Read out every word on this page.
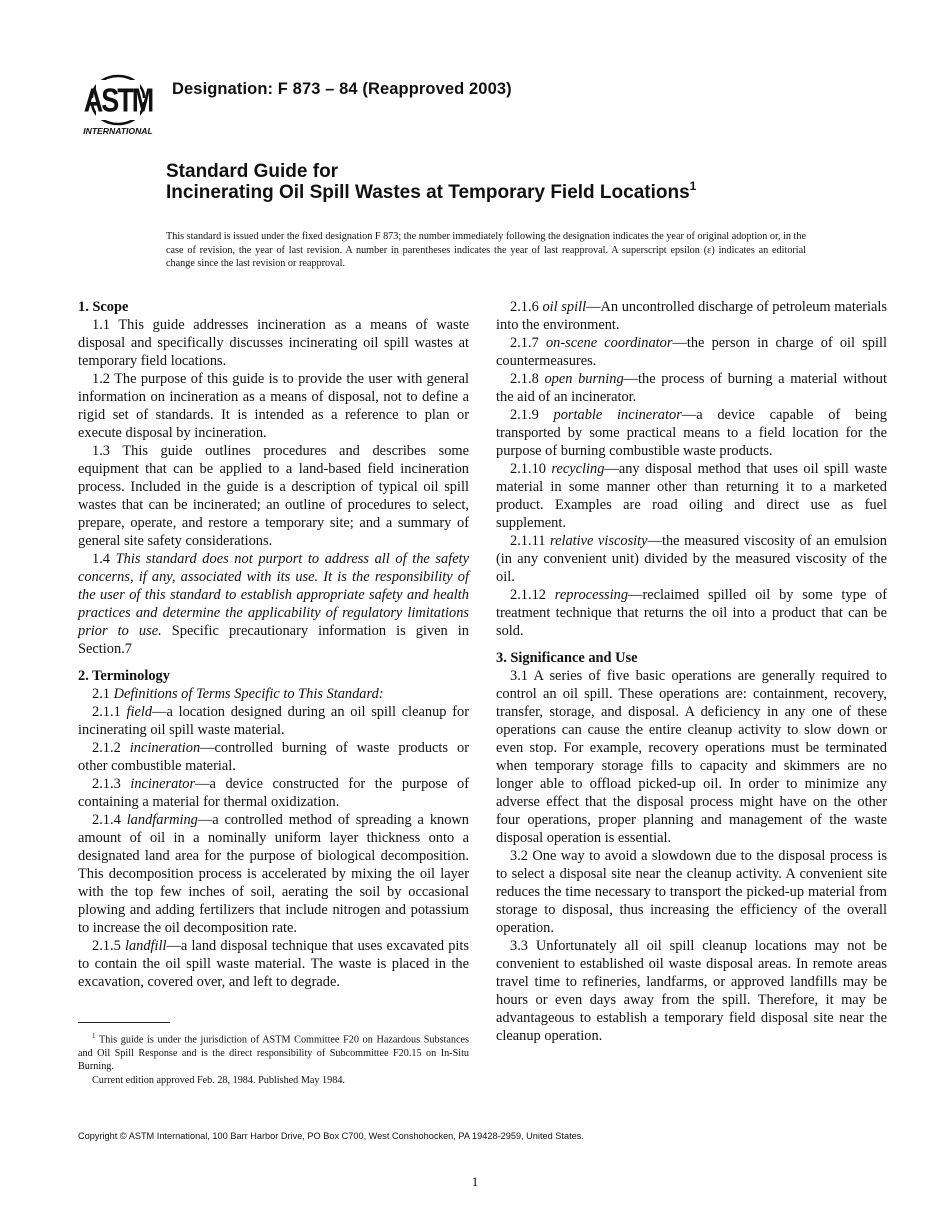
ASTM
INTERNATIONAL
Designation: F 873 – 84 (Reapproved 2003)
Standard Guide for
Incinerating Oil Spill Wastes at Temporary Field Locations$^1$
This standard is issued under the fixed designation F 873; the number immediately following the designation indicates the year of original adoption or, in the case of revision, the year of last revision. A number in parentheses indicates the year of last reapproval. A superscript epsilon (ε) indicates an editorial change since the last revision or reapproval.
1. Scope

1.1 This guide addresses incineration as a means of waste disposal and specifically discusses incinerating oil spill wastes at temporary field locations.

1.2 The purpose of this guide is to provide the user with general information on incineration as a means of disposal, not to define a rigid set of standards. It is intended as a reference to plan or execute disposal by incineration.

1.3 This guide outlines procedures and describes some equipment that can be applied to a land-based field incineration process. Included in the guide is a description of typical oil spill wastes that can be incinerated; an outline of procedures to select, prepare, operate, and restore a temporary site; and a summary of general site safety considerations.

1.4 This standard does not purport to address all of the safety concerns, if any, associated with its use. It is the responsibility of the user of this standard to establish appropriate safety and health practices and determine the applicability of regulatory limitations prior to use. Specific precautionary information is given in Section.7

2. Terminology

2.1 Definitions of Terms Specific to This Standard:

2.1.1 field—a location designed during an oil spill cleanup for incinerating oil spill waste material.

2.1.2 incineration—controlled burning of waste products or other combustible material.

2.1.3 incinerator—a device constructed for the purpose of containing a material for thermal oxidization.

2.1.4 landfarming—a controlled method of spreading a known amount of oil in a nominally uniform layer thickness onto a designated land area for the purpose of biological decomposition. This decomposition process is accelerated by mixing the oil layer with the top few inches of soil, aerating the soil by occasional plowing and adding fertilizers that include nitrogen and potassium to increase the oil decomposition rate.

2.1.5 landfill—a land disposal technique that uses excavated pits to contain the oil spill waste material. The waste is placed in the excavation, covered over, and left to degrade.

2.1.6 oil spill—An uncontrolled discharge of petroleum materials into the environment.

2.1.7 on-scene coordinator—the person in charge of oil spill countermeasures.

2.1.8 open burning—the process of burning a material without the aid of an incinerator.

2.1.9 portable incinerator—a device capable of being transported by some practical means to a field location for the purpose of burning combustible waste products.

2.1.10 recycling—any disposal method that uses oil spill waste material in some manner other than returning it to a marketed product. Examples are road oiling and direct use as fuel supplement.

2.1.11 relative viscosity—the measured viscosity of an emulsion (in any convenient unit) divided by the measured viscosity of the oil.

2.1.12 reprocessing—reclaimed spilled oil by some type of treatment technique that returns the oil into a product that can be sold.

3. Significance and Use

3.1 A series of five basic operations are generally required to control an oil spill. These operations are: containment, recovery, transfer, storage, and disposal. A deficiency in any one of these operations can cause the entire cleanup activity to slow down or even stop. For example, recovery operations must be terminated when temporary storage fills to capacity and skimmers are no longer able to offload picked-up oil. In order to minimize any adverse effect that the disposal process might have on the other four operations, proper planning and management of the waste disposal operation is essential.

3.2 One way to avoid a slowdown due to the disposal process is to select a disposal site near the cleanup activity. A convenient site reduces the time necessary to transport the picked-up material from storage to disposal, thus increasing the efficiency of the overall operation.

3.3 Unfortunately all oil spill cleanup locations may not be convenient to established oil waste disposal areas. In remote areas travel time to refineries, landfarms, or approved landfills may be hours or even days away from the spill. Therefore, it may be advantageous to establish a temporary field disposal site near the cleanup operation.

$^1$ This guide is under the jurisdiction of ASTM Committee F20 on Hazardous Substances and Oil Spill Response and is the direct responsibility of Subcommittee F20.15 on In-Situ Burning.

Current edition approved Feb. 28, 1984. Published May 1984.

Copyright © ASTM International, 100 Barr Harbor Drive, PO Box C700, West Conshohocken, PA 19428-2959, United States.
1
